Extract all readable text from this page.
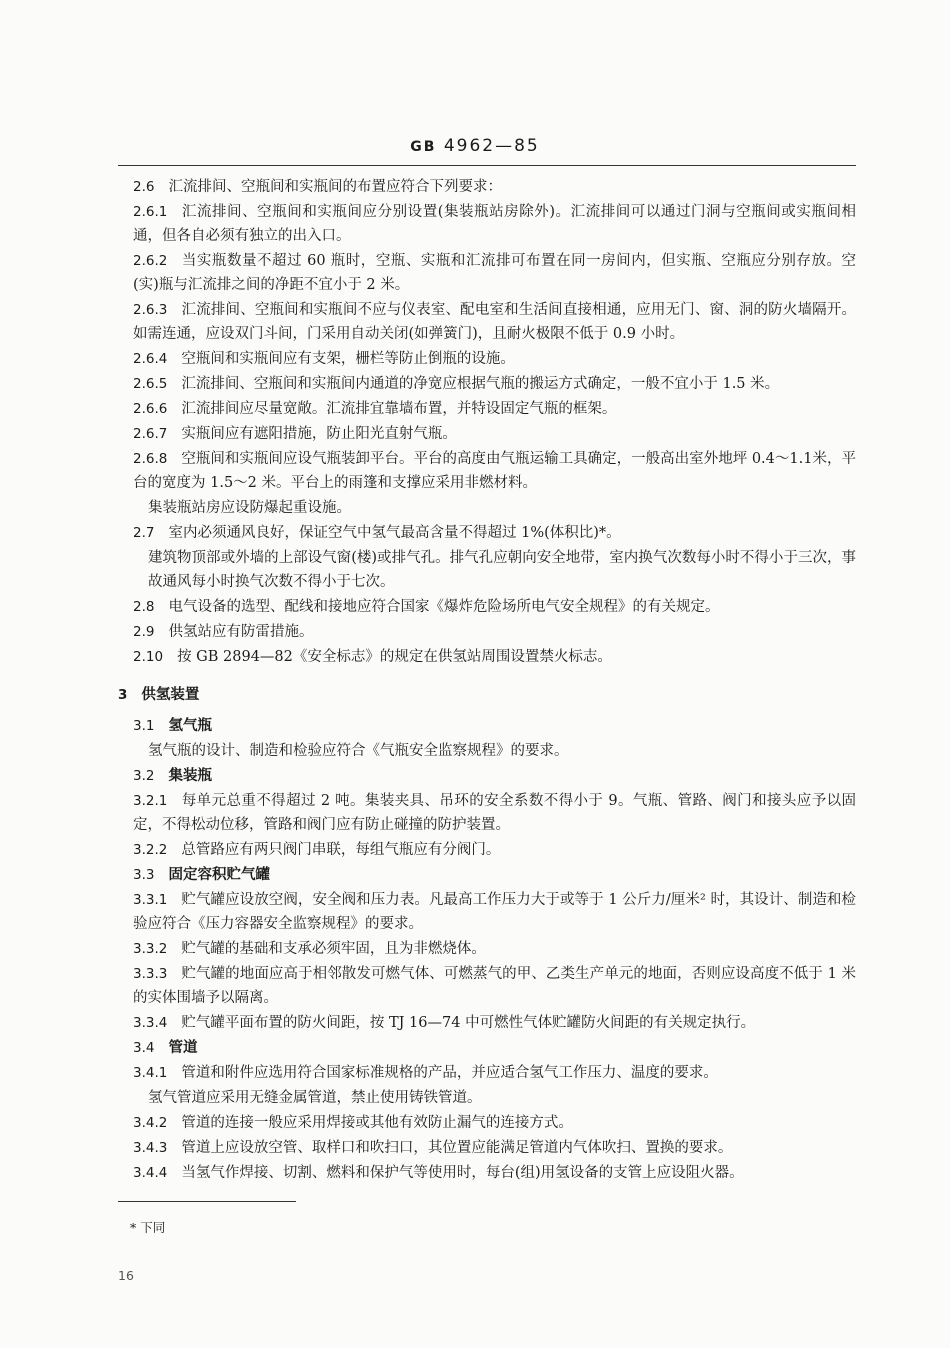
GB 4962—85
2.6 汇流排间、空瓶间和实瓶间的布置应符合下列要求：
2.6.1 汇流排间、空瓶间和实瓶间应分别设置(集装瓶站房除外)。汇流排间可以通过门洞与空瓶间或实瓶间相通，但各自必须有独立的出入口。
2.6.2 当实瓶数量不超过 60 瓶时，空瓶、实瓶和汇流排可布置在同一房间内，但实瓶、空瓶应分别存放。空(实)瓶与汇流排之间的净距不宜小于 2 米。
2.6.3 汇流排间、空瓶间和实瓶间不应与仪表室、配电室和生活间直接相通，应用无门、窗、洞的防火墙隔开。如需连通，应设双门斗间，门采用自动关闭(如弹簧门)，且耐火极限不低于 0.9 小时。
2.6.4 空瓶间和实瓶间应有支架，栅栏等防止倒瓶的设施。
2.6.5 汇流排间、空瓶间和实瓶间内通道的净宽应根据气瓶的搬运方式确定，一般不宜小于 1.5 米。
2.6.6 汇流排间应尽量宽敞。汇流排宜靠墙布置，并特设固定气瓶的框架。
2.6.7 实瓶间应有遮阳措施，防止阳光直射气瓶。
2.6.8 空瓶间和实瓶间应设气瓶装卸平台。平台的高度由气瓶运输工具确定，一般高出室外地坪 0.4～1.1米，平台的宽度为 1.5～2 米。平台上的雨篷和支撑应采用非燃材料。
集装瓶站房应设防爆起重设施。
2.7 室内必须通风良好，保证空气中氢气最高含量不得超过 1%(体积比)*。
建筑物顶部或外墙的上部设气窗(楼)或排气孔。排气孔应朝向安全地带，室内换气次数每小时不得小于三次，事故通风每小时换气次数不得小于七次。
2.8 电气设备的选型、配线和接地应符合国家《爆炸危险场所电气安全规程》的有关规定。
2.9 供氢站应有防雷措施。
2.10 按 GB 2894—82《安全标志》的规定在供氢站周围设置禁火标志。
3 供氢装置
3.1 氢气瓶
氢气瓶的设计、制造和检验应符合《气瓶安全监察规程》的要求。
3.2 集装瓶
3.2.1 每单元总重不得超过 2 吨。集装夹具、吊环的安全系数不得小于 9。气瓶、管路、阀门和接头应予以固定，不得松动位移，管路和阀门应有防止碰撞的防护装置。
3.2.2 总管路应有两只阀门串联，每组气瓶应有分阀门。
3.3 固定容积贮气罐
3.3.1 贮气罐应设放空阀，安全阀和压力表。凡最高工作压力大于或等于 1 公斤力/厘米² 时，其设计、制造和检验应符合《压力容器安全监察规程》的要求。
3.3.2 贮气罐的基础和支承必须牢固，且为非燃烧体。
3.3.3 贮气罐的地面应高于相邻散发可燃气体、可燃蒸气的甲、乙类生产单元的地面，否则应设高度不低于 1 米的实体围墙予以隔离。
3.3.4 贮气罐平面布置的防火间距，按 TJ 16—74 中可燃性气体贮罐防火间距的有关规定执行。
3.4 管道
3.4.1 管道和附件应选用符合国家标准规格的产品，并应适合氢气工作压力、温度的要求。
氢气管道应采用无缝金属管道，禁止使用铸铁管道。
3.4.2 管道的连接一般应采用焊接或其他有效防止漏气的连接方式。
3.4.3 管道上应设放空管、取样口和吹扫口，其位置应能满足管道内气体吹扫、置换的要求。
3.4.4 当氢气作焊接、切割、燃料和保护气等使用时，每台(组)用氢设备的支管上应设阻火器。
* 下同
16
